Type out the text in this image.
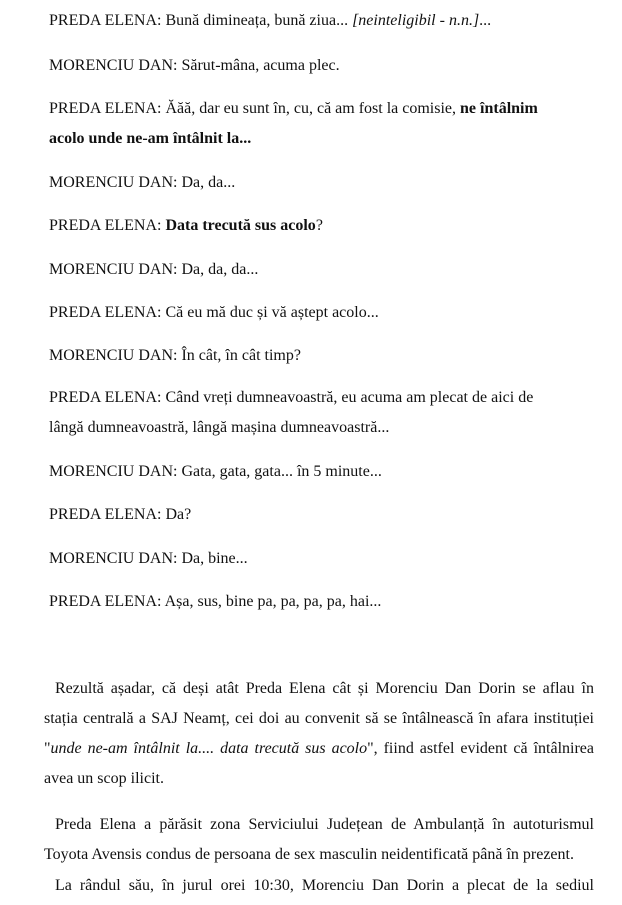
PREDA ELENA: Bună dimineața, bună ziua... [neinteligibil - n.n.]...
MORENCIU DAN: Sărut-mâna, acuma plec.
PREDA ELENA: Ăăă, dar eu sunt în, cu, că am fost la comisie, ne întâlnim
acolo unde ne-am întâlnit la...
MORENCIU DAN: Da, da...
PREDA ELENA: Data trecută sus acolo?
MORENCIU DAN: Da, da, da...
PREDA ELENA: Că eu mă duc și vă aștept acolo...
MORENCIU DAN: În cât, în cât timp?
PREDA ELENA: Când vreți dumneavoastră, eu acuma am plecat de aici de
lângă dumneavoastră, lângă mașina dumneavoastră...
MORENCIU DAN: Gata, gata, gata... în 5 minute...
PREDA ELENA: Da?
MORENCIU DAN: Da, bine...
PREDA ELENA: Așa, sus, bine pa, pa, pa, pa, hai...
Rezultă așadar, că deși atât Preda Elena cât și Morenciu Dan Dorin se aflau în
stația centrală a SAJ Neamț, cei doi au convenit să se întâlnească în afara instituției
"unde ne-am întâlnit la.... data trecută sus acolo", fiind astfel evident că întâlnirea
avea un scop ilicit.
Preda Elena a părăsit zona Serviciului Județean de Ambulanță în autoturismul
Toyota Avensis condus de persoana de sex masculin neidentificată până în prezent.
La rândul său, în jurul orei 10:30, Morenciu Dan Dorin a plecat de la sediul
